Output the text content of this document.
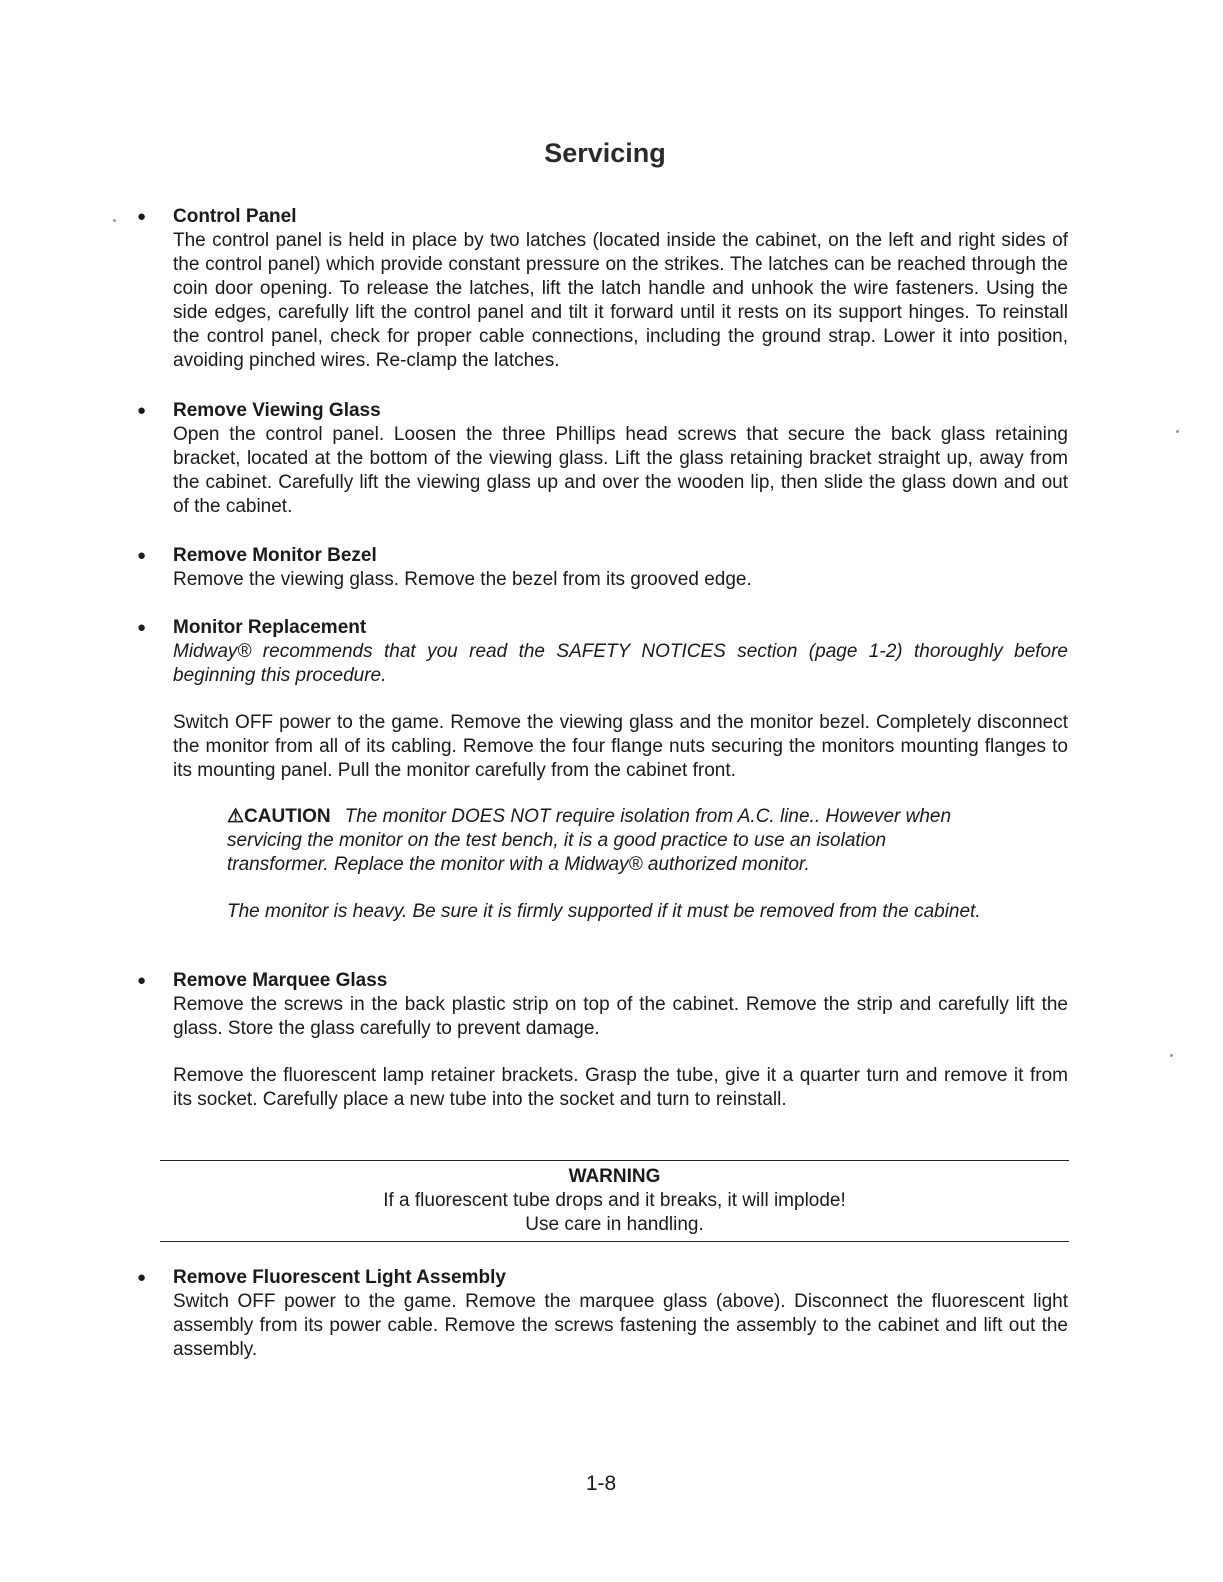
Servicing
● Control Panel

The control panel is held in place by two latches (located inside the cabinet, on the left and right sides of the control panel) which provide constant pressure on the strikes. The latches can be reached through the coin door opening. To release the latches, lift the latch handle and unhook the wire fasteners. Using the side edges, carefully lift the control panel and tilt it forward until it rests on its support hinges. To reinstall the control panel, check for proper cable connections, including the ground strap. Lower it into position, avoiding pinched wires. Re-clamp the latches.

● Remove Viewing Glass

Open the control panel. Loosen the three Phillips head screws that secure the back glass retaining bracket, located at the bottom of the viewing glass. Lift the glass retaining bracket straight up, away from the cabinet. Carefully lift the viewing glass up and over the wooden lip, then slide the glass down and out of the cabinet.

● Remove Monitor Bezel

Remove the viewing glass. Remove the bezel from its grooved edge.

● Monitor Replacement

Midway® recommends that you read the SAFETY NOTICES section (page 1-2) thoroughly before beginning this procedure.

Switch OFF power to the game. Remove the viewing glass and the monitor bezel. Completely disconnect the monitor from all of its cabling. Remove the four flange nuts securing the monitors mounting flanges to its mounting panel. Pull the monitor carefully from the cabinet front.

⚠CAUTION The monitor DOES NOT require isolation from A.C. line.. However when servicing the monitor on the test bench, it is a good practice to use an isolation transformer. Replace the monitor with a Midway® authorized monitor.

The monitor is heavy. Be sure it is firmly supported if it must be removed from the cabinet.

● Remove Marquee Glass

Remove the screws in the back plastic strip on top of the cabinet. Remove the strip and carefully lift the glass. Store the glass carefully to prevent damage.

Remove the fluorescent lamp retainer brackets. Grasp the tube, give it a quarter turn and remove it from its socket. Carefully place a new tube into the socket and turn to reinstall.

WARNING
If a fluorescent tube drops and it breaks, it will implode!
Use care in handling.
● Remove Fluorescent Light Assembly

Switch OFF power to the game. Remove the marquee glass (above). Disconnect the fluorescent light assembly from its power cable. Remove the screws fastening the assembly to the cabinet and lift out the assembly.

1-8
